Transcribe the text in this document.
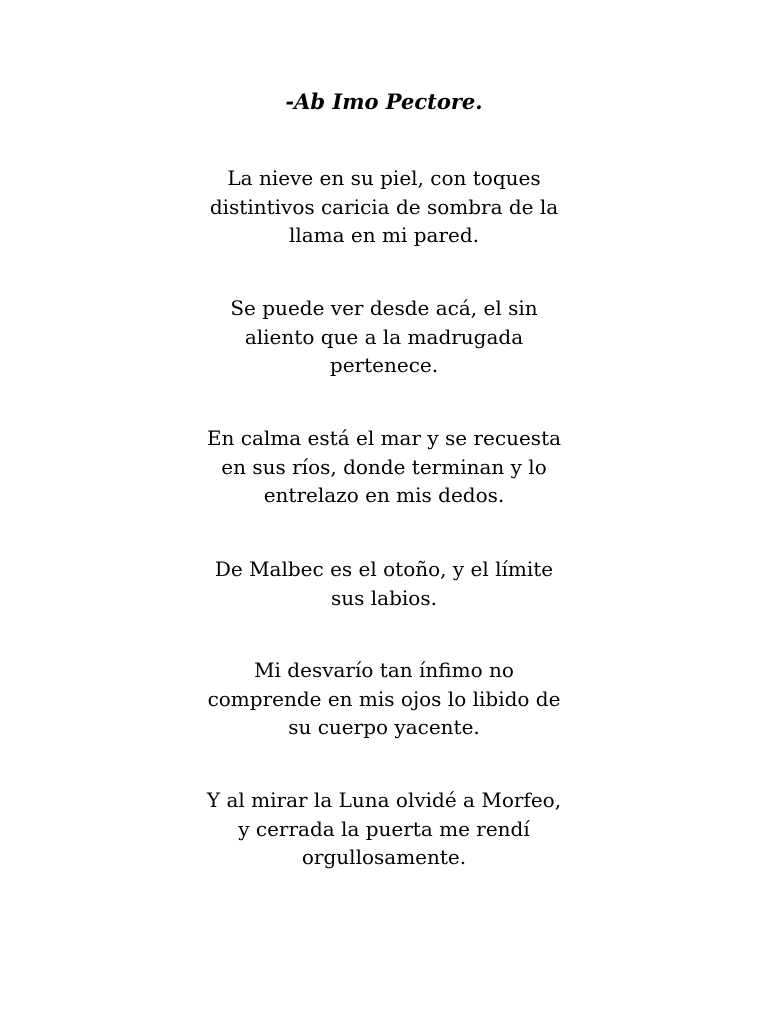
-Ab Imo Pectore.

La nieve en su piel, con toques
distintivos caricia de sombra de la
llama en mi pared.

Se puede ver desde acá, el sin
aliento que a la madrugada
pertenece.

En calma está el mar y se recuesta
en sus ríos, donde terminan y lo
entrelazo en mis dedos.

De Malbec es el otoño, y el límite
sus labios.

Mi desvarío tan ínfimo no
comprende en mis ojos lo libido de
su cuerpo yacente.

Y al mirar la Luna olvidé a Morfeo,
y cerrada la puerta me rendí
orgullosamente.
